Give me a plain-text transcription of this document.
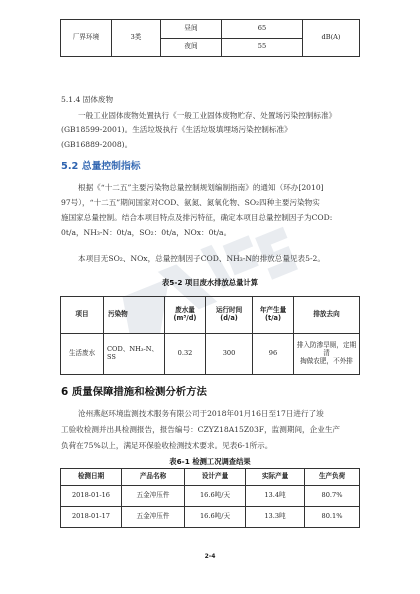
厂界环境	3类	昼间	65	dB(A)
		夜间	55	
5.1.4 固体废物
一般工业固体废物处置执行《一般工业固体废物贮存、处置场污染控制标准》
(GB18599-2001)。生活垃圾执行《生活垃圾填埋场污染控制标准》
(GB16889-2008)。
5.2 总量控制指标
根据《“十二五”主要污染物总量控制规划编制指南》的通知（环办[2010]
97号），“十二五”期间国家对COD、氨氮、氮氧化物、SO₂四种主要污染物实
施国家总量控制。结合本项目特点及排污特征，确定本项目总量控制因子为COD:
0t/a，NH₃-N：0t/a，SO₂：0t/a，NOx：0t/a。
本项目无SO₂、NOx，总量控制因子COD、NH₃-N的排放总量见表5-2。
表5-2 项目废水排放总量计算
项目	污染物	废水量
(m³/d)	运行时间
(d/a)	年产生量
(t/a)	排放去向
生活废水	COD、NH₃-N、
SS	0.32	300	96	排入防渗旱厕，定期清
掏做农肥，不外排
6 质量保障措施和检测分析方法
沧州燕赵环境监测技术服务有限公司于2018年01月16日至17日进行了竣
工验收检测并出具检测报告，报告编号：CZYZ18A15Z03F，监测期间，企业生产
负荷在75%以上，满足环保验收检测技术要求。见表6-1所示。
表6-1 检测工况调查结果
检测日期	产品名称	设计产量	实际产量	生产负荷
2018-01-16	五金冲压件	16.6吨/天	13.4吨	80.7%
2018-01-17	五金冲压件	16.6吨/天	13.3吨	80.1%
2-4
